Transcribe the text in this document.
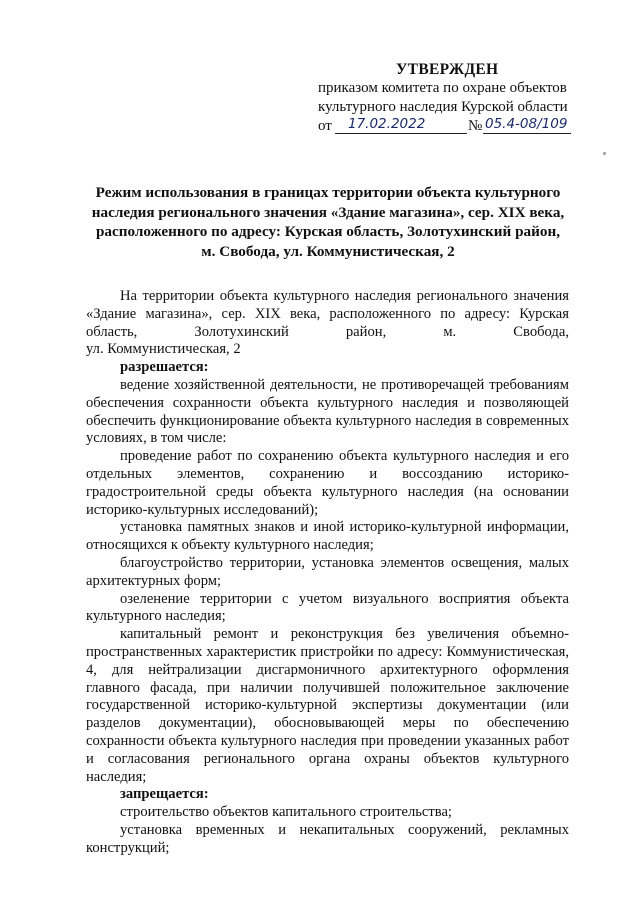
УТВЕРЖДЕН
приказом комитета по охране объектов
культурного наследия Курской области
от 17.02.2022	№ 05.4-08/109
Режим использования в границах территории объекта культурного
наследия регионального значения «Здание магазина», сер. XIX века,
расположенного по адресу: Курская область, Золотухинский район,
м. Свобода, ул. Коммунистическая, 2

На территории объекта культурного наследия регионального значения «Здание магазина», сер. XIX века, расположенного по адресу: Курская область, Золотухинский район, м. Свобода,

ул. Коммунистическая, 2

разрешается:

ведение хозяйственной деятельности, не противоречащей требованиям обеспечения сохранности объекта культурного наследия и позволяющей обеспечить функционирование объекта культурного наследия в современных условиях, в том числе:

проведение работ по сохранению объекта культурного наследия и его отдельных элементов, сохранению и воссозданию историко-градостроительной среды объекта культурного наследия (на основании историко-культурных исследований);

установка памятных знаков и иной историко-культурной информации, относящихся к объекту культурного наследия;

благоустройство территории, установка элементов освещения, малых архитектурных форм;

озеленение территории с учетом визуального восприятия объекта культурного наследия;

капитальный ремонт и реконструкция без увеличения объемно-пространственных характеристик пристройки по адресу: Коммунистическая, 4, для нейтрализации дисгармоничного архитектурного оформления главного фасада, при наличии получившей положительное заключение государственной историко-культурной экспертизы документации (или разделов документации), обосновывающей меры по обеспечению сохранности объекта культурного наследия при проведении указанных работ и согласования регионального органа охраны объектов культурного наследия;

запрещается:

строительство объектов капитального строительства;

установка временных и некапитальных сооружений, рекламных конструкций;
